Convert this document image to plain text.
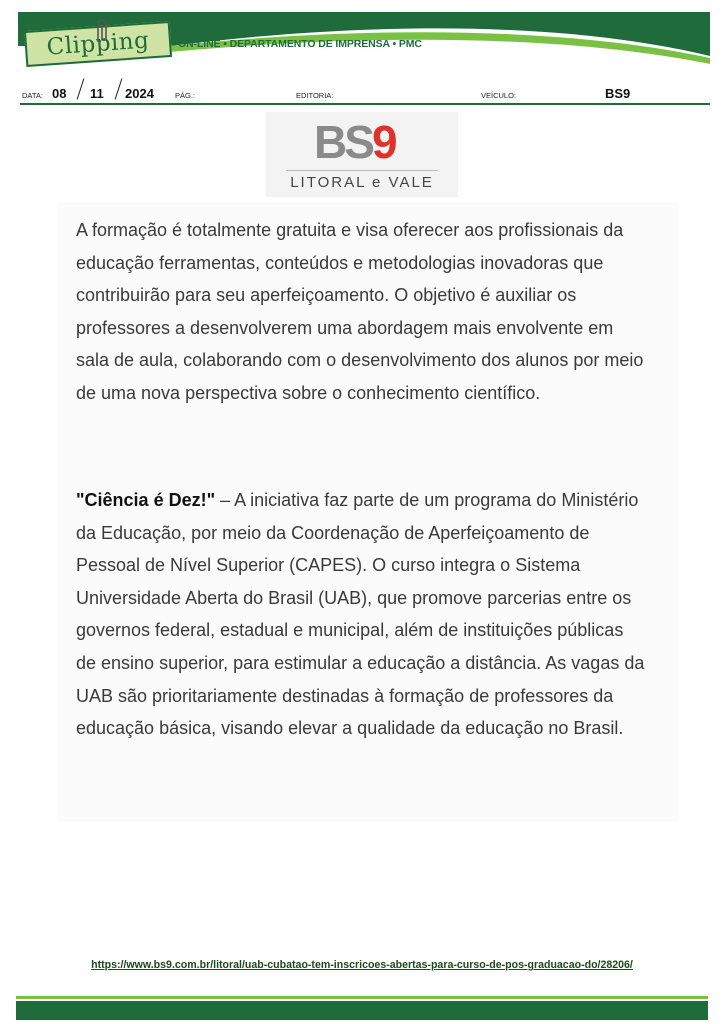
Clipping	ON-LINE • DEPARTAMENTO DE IMPRENSA • PMC
DATA: 08 11 2024	PÁG.:	EDITORIA:	VEÍCULO:	BS9
BS 9
LITORAL e VALE

A formação é totalmente gratuita e visa oferecer aos profissionais da educação ferramentas, conteúdos e metodologias inovadoras que contribuirão para seu aperfeiçoamento. O objetivo é auxiliar os professores a desenvolverem uma abordagem mais envolvente em sala de aula, colaborando com o desenvolvimento dos alunos por meio de uma nova perspectiva sobre o conhecimento científico.

"Ciência é Dez!" – A iniciativa faz parte de um programa do Ministério da Educação, por meio da Coordenação de Aperfeiçoamento de Pessoal de Nível Superior (CAPES). O curso integra o Sistema Universidade Aberta do Brasil (UAB), que promove parcerias entre os governos federal, estadual e municipal, além de instituições públicas de ensino superior, para estimular a educação a distância. As vagas da UAB são prioritariamente destinadas à formação de professores da educação básica, visando elevar a qualidade da educação no Brasil.

https://www.bs9.com.br/litoral/uab-cubatao-tem-inscricoes-abertas-para-curso-de-pos-graduacao-do/28206/
